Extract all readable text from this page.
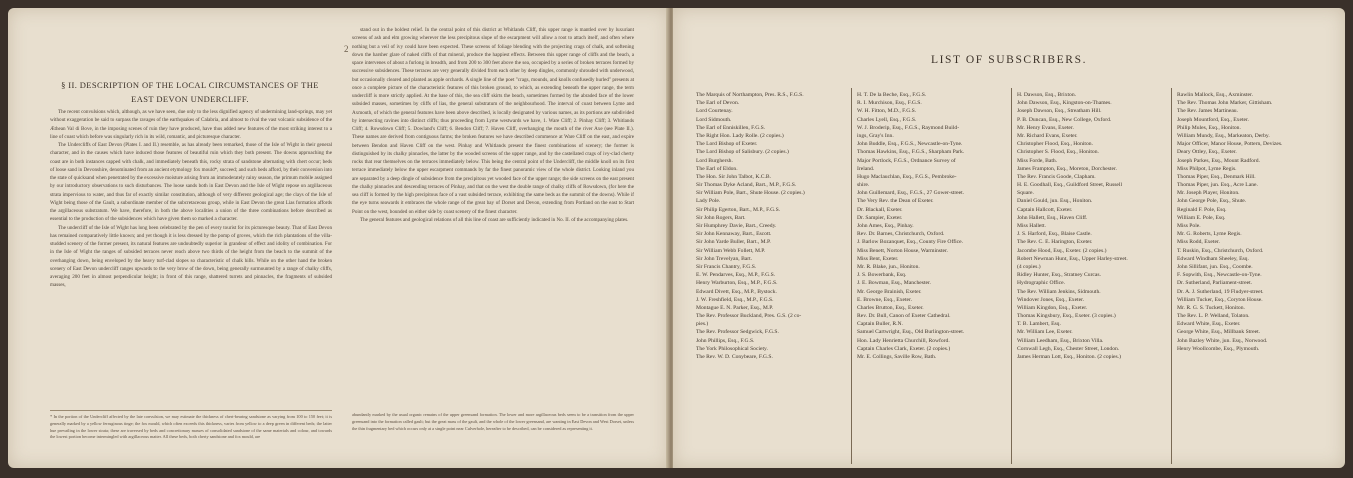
2
§ II. DESCRIPTION OF THE LOCAL CIRCUMSTANCES OF THE EAST DEVON UNDERCLIFF.

The recent convulsions which, although, as we have seen, due only to the less dignified agency of undermining land-springs, may yet without exaggeration be said to surpass the ravages of the earthquakes of Calabria, and almost to rival the vast volcanic subsidence of the Æthean Val di Bove, in the imposing scenes of ruin they have produced, have thus added new features of the most striking interest to a line of coast which before was singularly rich in its wild, romantic, and picturesque character.

The Undercliffs of East Devon (Plates I. and II.) resemble, as has already been remarked, those of the Isle of Wight in their general character, and in the causes which have induced those features of beautiful ruin which they both present. The downs approaching the coast are in both instances capped with chalk, and immediately beneath this, rocky strata of sandstone alternating with chert occur; beds of loose sand in Devonshire, denominated from an ancient etymology fox mould*, succeed; and such beds afford, by their conversion into the state of quicksand when penetrated by the excessive moisture arising from an immoderately rainy season, the primum mobile assigned by our introductory observations to such disturbances. The loose sands both in East Devon and the Isle of Wight repose on argillaceous strata impervious to water, and thus far of exactly similar constitution, although of very different geological age; the clays of the Isle of Wight being those of the Gault, a subordinate member of the subcretaceous group, while in East Devon the great Lias formation affords the argillaceous substratum. We have, therefore, in both the above localities a union of the three combinations before described as essential to the production of the subsidences which have given them so marked a character.

The undercliff of the Isle of Wight has long been celebrated by the pen of every tourist for its picturesque beauty. That of East Devon has remained comparatively little known; and yet though it is less dressed by the pomp of groves, which the rich plantations of the villa-studded scenery of the former present, its natural features are undoubtedly superior in grandeur of effect and idolity of combination. For in the Isle of Wight the ranges of subsided terraces never reach above two thirds of the height from the beach to the summit of the overhanging down, being enveloped by the heavy turf-clad slopes so characteristic of chalk hills. While on the other hand the broken scenery of East Devon undercliff ranges upwards to the very brow of the down, being generally surmounted by a range of chalky cliffs, averaging 200 feet in almost perpendicular height; in front of this range, shattered turrets and pinnacles, the fragments of subsided masses,

stand out in the boldest relief. In the central point of this district at Whitlands Cliff, this upper range is mantled over by luxuriant screens of ash and elm growing wherever the less precipitous slope of the escarpment will allow a root to attach itself, and often where nothing but a veil of ivy could have been expected. These screens of foliage blending with the projecting crags of chalk, and softening down the harsher glare of naked cliffs of that mineral, produce the happiest effects. Between this upper range of cliffs and the beach, a space intervenes of about a furlong in breadth, and from 200 to 300 feet above the sea, occupied by a series of broken terraces formed by successive subsidences. These terraces are very generally divided from each other by deep dingles, commonly shrouded with underwood, but occasionally cleared and planted as apple orchards. A single line of the poet "crags, mounds, and knolls confusedly hurled" presents at once a complete picture of the characteristic features of this broken ground, to which, as extending beneath the upper range, the term undercliff is more strictly applied. At the base of this, the sea cliff skirts the beach, sometimes formed by the abraded face of the lower subsided masses, sometimes by cliffs of lias, the general substratum of the neighbourhood. The interval of coast between Lyme and Axmouth, of which the general features have been above described, is locally designated by various names, as its portions are subdivided by intersecting ravines into distinct cliffs; thus proceeding from Lyme westwards we have, 1. Ware Cliff; 2. Pinhay Cliff; 3. Whitlands Cliff; 4. Rowsdown Cliff; 5. Dowland's Cliff; 6. Bendon Cliff; 7. Haven Cliff, overhanging the mouth of the river Axe (see Plate II.). These names are derived from contiguous farms; the broken features we have described commence at Ware Cliff on the east, and expire between Bendon and Haven Cliff on the west. Pinhay and Whitlands present the finest combinations of scenery; the former is distinguished by its chalky pinnacles, the latter by the wooded screens of the upper range, and by the castellated crags of ivy-clad cherty rocks that rear themselves on the terraces immediately below. This being the central point of the Undercliff, the middle knoll on its first terrace immediately below the upper escarpment commands by far the finest panoramic view of the whole district. Looking inland you are separated by a deep dingle of subsidence from the precipitous yet wooded face of the upper range; the side screens on the east present the chalky pinnacles and descending terraces of Pinhay, and that on the west the double range of chalky cliffs of Rowsdown, (for here the sea cliff is formed by the high precipitous face of a vast subsided terrace, exhibiting the same beds as the summit of the downs). While if the eye turns seawards it embraces the whole range of the great bay of Dorset and Devon, extending from Portland on the east to Start Point on the west, bounded on either side by coast scenery of the finest character.

The general features and geological relations of all this line of coast are sufficiently indicated in No. II. of the accompanying plates.

* In the portion of the Undercliff affected by the late convulsion, we may estimate the thickness of chert-bearing sandstone as varying from 100 to 150 feet; it is generally marked by a yellow ferruginous tinge; the fox mould, which often exceeds this thickness, varies from yellow to a deep green in different beds; the latter hue prevailing in the lower strata; these are traversed by beds and concretionary masses of consolidated sandstone of the same materials and colour, and towards the lowest portion become intermingled with argillaceous matter. All these beds, both cherty sandstone and fox mould, are
abundantly marked by the usual organic remains of the upper greensand formation. The lower and more argillaceous beds seem to be a transition from the upper greensand into the formation called gault; but the great mass of the gault, and the whole of the lower greensand, are wanting in East Devon and West Dorset, unless the thin fragmentary bed which occurs only at a single point near Culverhole, hereafter to be described, can be considered as representing it.
LIST OF SUBSCRIBERS.
The Marquis of Northampton, Pres. R.S., F.G.S.
The Earl of Devon.
Lord Courtenay.
Lord Sidmouth.
The Earl of Enniskillen, F.G.S.
The Right Hon. Lady Rolle. (2 copies.)
The Lord Bishop of Exeter.
The Lord Bishop of Salisbury. (2 copies.)
Lord Burghersh.
The Earl of Eldon.
The Hon. Sir John Talbot, K.C.B.
Sir Thomas Dyke Acland, Bart., M.P., F.G.S.
Sir William Pole, Bart., Shute House. (2 copies.)
Lady Pole.
Sir Philip Egerton, Bart., M.P., F.G.S.
Sir John Rogers, Bart.
Sir Humphrey Davie, Bart., Creedy.
Sir John Kennaway, Bart., Escott.
Sir John Yarde Buller, Bart., M.P.
Sir William Webb Follett, M.P.
Sir John Trevelyan, Bart.
Sir Francis Chantry, F.G.S.
E. W. Pendarves, Esq., M.P., F.G.S.
Henry Warburton, Esq., M.P., F.G.S.
Edward Divett, Esq., M.P., Bystock.
J. W. Freshfield, Esq., M.P., F.G.S.
Montague E. N. Parker, Esq., M.P.
The Rev. Professor Buckland, Pres. G.S. (2 co-
pies.)
The Rev. Professor Sedgwick, F.G.S.
John Phillips, Esq., F.G.S.
The York Philosophical Society.
The Rev. W. D. Conybeare, F.G.S.
H. T. De la Beche, Esq., F.G.S.
R. I. Murchison, Esq., F.G.S.
W. H. Fitton, M.D., F.G.S.
Charles Lyell, Esq., F.G.S.
W. J. Broderip, Esq., F.G.S., Raymond Build-
ings, Gray's Inn.
John Buddle, Esq., F.G.S., Newcastle-on-Tyne.
Thomas Hawkins, Esq., F.G.S., Sharpham Park.
Major Portlock, F.G.S., Ordnance Survey of
Ireland.
Hugo Maclauchlan, Esq., F.G.S., Pembroke-
shire.
John Guillemard, Esq., F.G.S., 27 Gower-street.
The Very Rev. the Dean of Exeter.
Dr. Blackall, Exeter.
Dr. Sampier, Exeter.
John Ames, Esq., Pinhay.
Rev. Dr. Barnes, Christchurch, Oxford.
J. Barlow Bozanquet, Esq., County Fire Office.
Miss Benett, Norton House, Warminster.
Miss Bent, Exeter.
Mr. R. Blake, jun., Honiton.
J. S. Bowerbank, Esq.
J. E. Bowman, Esq., Manchester.
Mr. George Brainish, Exeter.
E. Browne, Esq., Exeter.
Charles Brutton, Esq., Exeter.
Rev. Dr. Bull, Canon of Exeter Cathedral.
Captain Buller, R.N.
Samuel Cartwright, Esq., Old Burlington-street.
Hon. Lady Henrietta Churchill, Rowford.
Captain Charles Clark, Exeter. (2 copies.)
Mr. E. Collings, Saville Row, Bath.
H. Dawson, Esq., Brixton.
John Dawson, Esq., Kingston-on-Thames.
Joseph Dawson, Esq., Streatham Hill.
P. B. Duncan, Esq., New College, Oxford.
Mr. Henry Evans, Exeter.
Mr. Richard Evans, Exeter.
Christopher Flood, Esq., Honiton.
Christopher S. Flood, Esq., Honiton.
Miss Forde, Bath.
James Frampton, Esq., Moreton, Dorchester.
The Rev. Francis Goode, Clapham.
H. E. Goodhall, Esq., Guildford Street, Russell
Square.
Daniel Gould, jun. Esq., Honiton.
Captain Hallcott, Exeter.
John Hallett, Esq., Haven Cliff.
Miss Hallett.
J. S. Harford, Esq., Blaise Castle.
The Rev. C. E. Harington, Exeter.
Jacombe Hood, Esq., Exeter. (2 copies.)
Robert Newman Hunt, Esq., Upper Harley-street.
(4 copies.)
Ridley Hunter, Esq., Stratney Curcas.
Hydrographic Office.
The Rev. William Jenkins, Sidmouth.
Windover Jones, Esq., Exeter.
William Kingdon, Esq., Exeter.
Thomas Kingsbury, Esq., Exeter. (3 copies.)
T. B. Lambert, Esq.
Mr. William Lee, Exeter.
William Leedham, Esq., Brixton Villa.
Cornwall Legh, Esq., Chester Street, London.
James Herman Lott, Esq., Honiton. (2 copies.)
Rawlin Mallock, Esq., Axminster.
The Rev. Thomas John Marker, Gittisham.
The Rev. James Martineau.
Joseph Mountford, Esq., Exeter.
Philip Mules, Esq., Honiton.
William Mundy, Esq., Markeaton, Derby.
Major Officer, Manor House, Pottern, Devizes.
Deary Ottley, Esq., Exeter.
Joseph Parkes, Esq., Mount Radford.
Miss Philpot, Lyme Regis.
Thomas Piper, Esq., Denmark Hill.
Thomas Piper, jun. Esq., Acre Lane.
Mr. Joseph Player, Honiton.
John George Pole, Esq., Shute.
Reginald F. Pole, Esq.
William E. Pole, Esq.
Miss Pole.
Mr. G. Roberts, Lyme Regis.
Miss Rodd, Exeter.
T. Ruskin, Esq., Christchurch, Oxford.
Edward Windham Sheeley, Esq.
John Sillifant, jun. Esq., Coombe.
F. Sopwith, Esq., Newcastle-on-Tyne.
Dr. Sutherland, Parliament-street.
Dr. A. J. Sutherland, 19 Fludyer-street.
William Tucker, Esq., Coryton House.
Mr. R. G. S. Tuckett, Honiton.
The Rev. L. P. Welland, Tolaton.
Edward White, Esq., Exeter.
George White, Esq., Millbank Street.
John Bazley White, jun. Esq., Norwood.
Henry Woollcombe, Esq., Plymouth.
